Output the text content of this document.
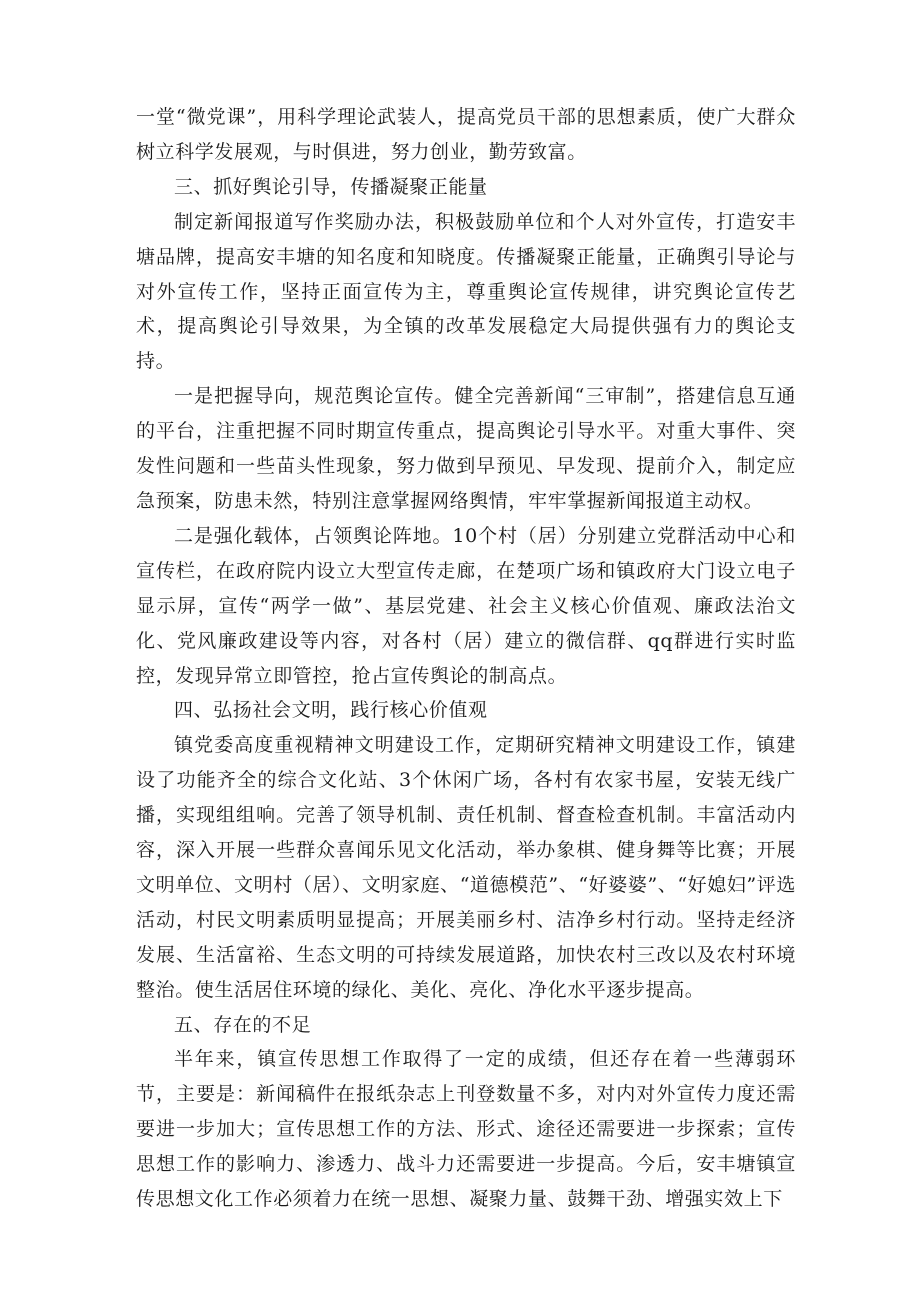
一堂“微党课”，用科学理论武装人，提高党员干部的思想素质，使广大群众树立科学发展观，与时俱进，努力创业，勤劳致富。

三、抓好舆论引导，传播凝聚正能量

制定新闻报道写作奖励办法，积极鼓励单位和个人对外宣传，打造安丰塘品牌，提高安丰塘的知名度和知晓度。传播凝聚正能量，正确舆引导论与对外宣传工作，坚持正面宣传为主，尊重舆论宣传规律，讲究舆论宣传艺术，提高舆论引导效果，为全镇的改革发展稳定大局提供强有力的舆论支持。

一是把握导向，规范舆论宣传。健全完善新闻“三审制”，搭建信息互通的平台，注重把握不同时期宣传重点，提高舆论引导水平。对重大事件、突发性问题和一些苗头性现象，努力做到早预见、早发现、提前介入，制定应急预案，防患未然，特别注意掌握网络舆情，牢牢掌握新闻报道主动权。

二是强化载体，占领舆论阵地。10个村（居）分别建立党群活动中心和宣传栏，在政府院内设立大型宣传走廊，在楚项广场和镇政府大门设立电子显示屏，宣传“两学一做”、基层党建、社会主义核心价值观、廉政法治文化、党风廉政建设等内容，对各村（居）建立的微信群、qq群进行实时监控，发现异常立即管控，抢占宣传舆论的制高点。

四、弘扬社会文明，践行核心价值观

镇党委高度重视精神文明建设工作，定期研究精神文明建设工作，镇建设了功能齐全的综合文化站、3个休闲广场，各村有农家书屋，安装无线广播，实现组组响。完善了领导机制、责任机制、督查检查机制。丰富活动内容，深入开展一些群众喜闻乐见文化活动，举办象棋、健身舞等比赛；开展文明单位、文明村（居）、文明家庭、“道德模范”、“好婆婆”、“好媳妇”评选活动，村民文明素质明显提高；开展美丽乡村、洁净乡村行动。坚持走经济发展、生活富裕、生态文明的可持续发展道路，加快农村三改以及农村环境整治。使生活居住环境的绿化、美化、亮化、净化水平逐步提高。

五、存在的不足

半年来，镇宣传思想工作取得了一定的成绩，但还存在着一些薄弱环节，主要是：新闻稿件在报纸杂志上刊登数量不多，对内对外宣传力度还需要进一步加大；宣传思想工作的方法、形式、途径还需要进一步探索；宣传思想工作的影响力、渗透力、战斗力还需要进一步提高。今后，安丰塘镇宣传思想文化工作必须着力在统一思想、凝聚力量、鼓舞干劲、增强实效上下
